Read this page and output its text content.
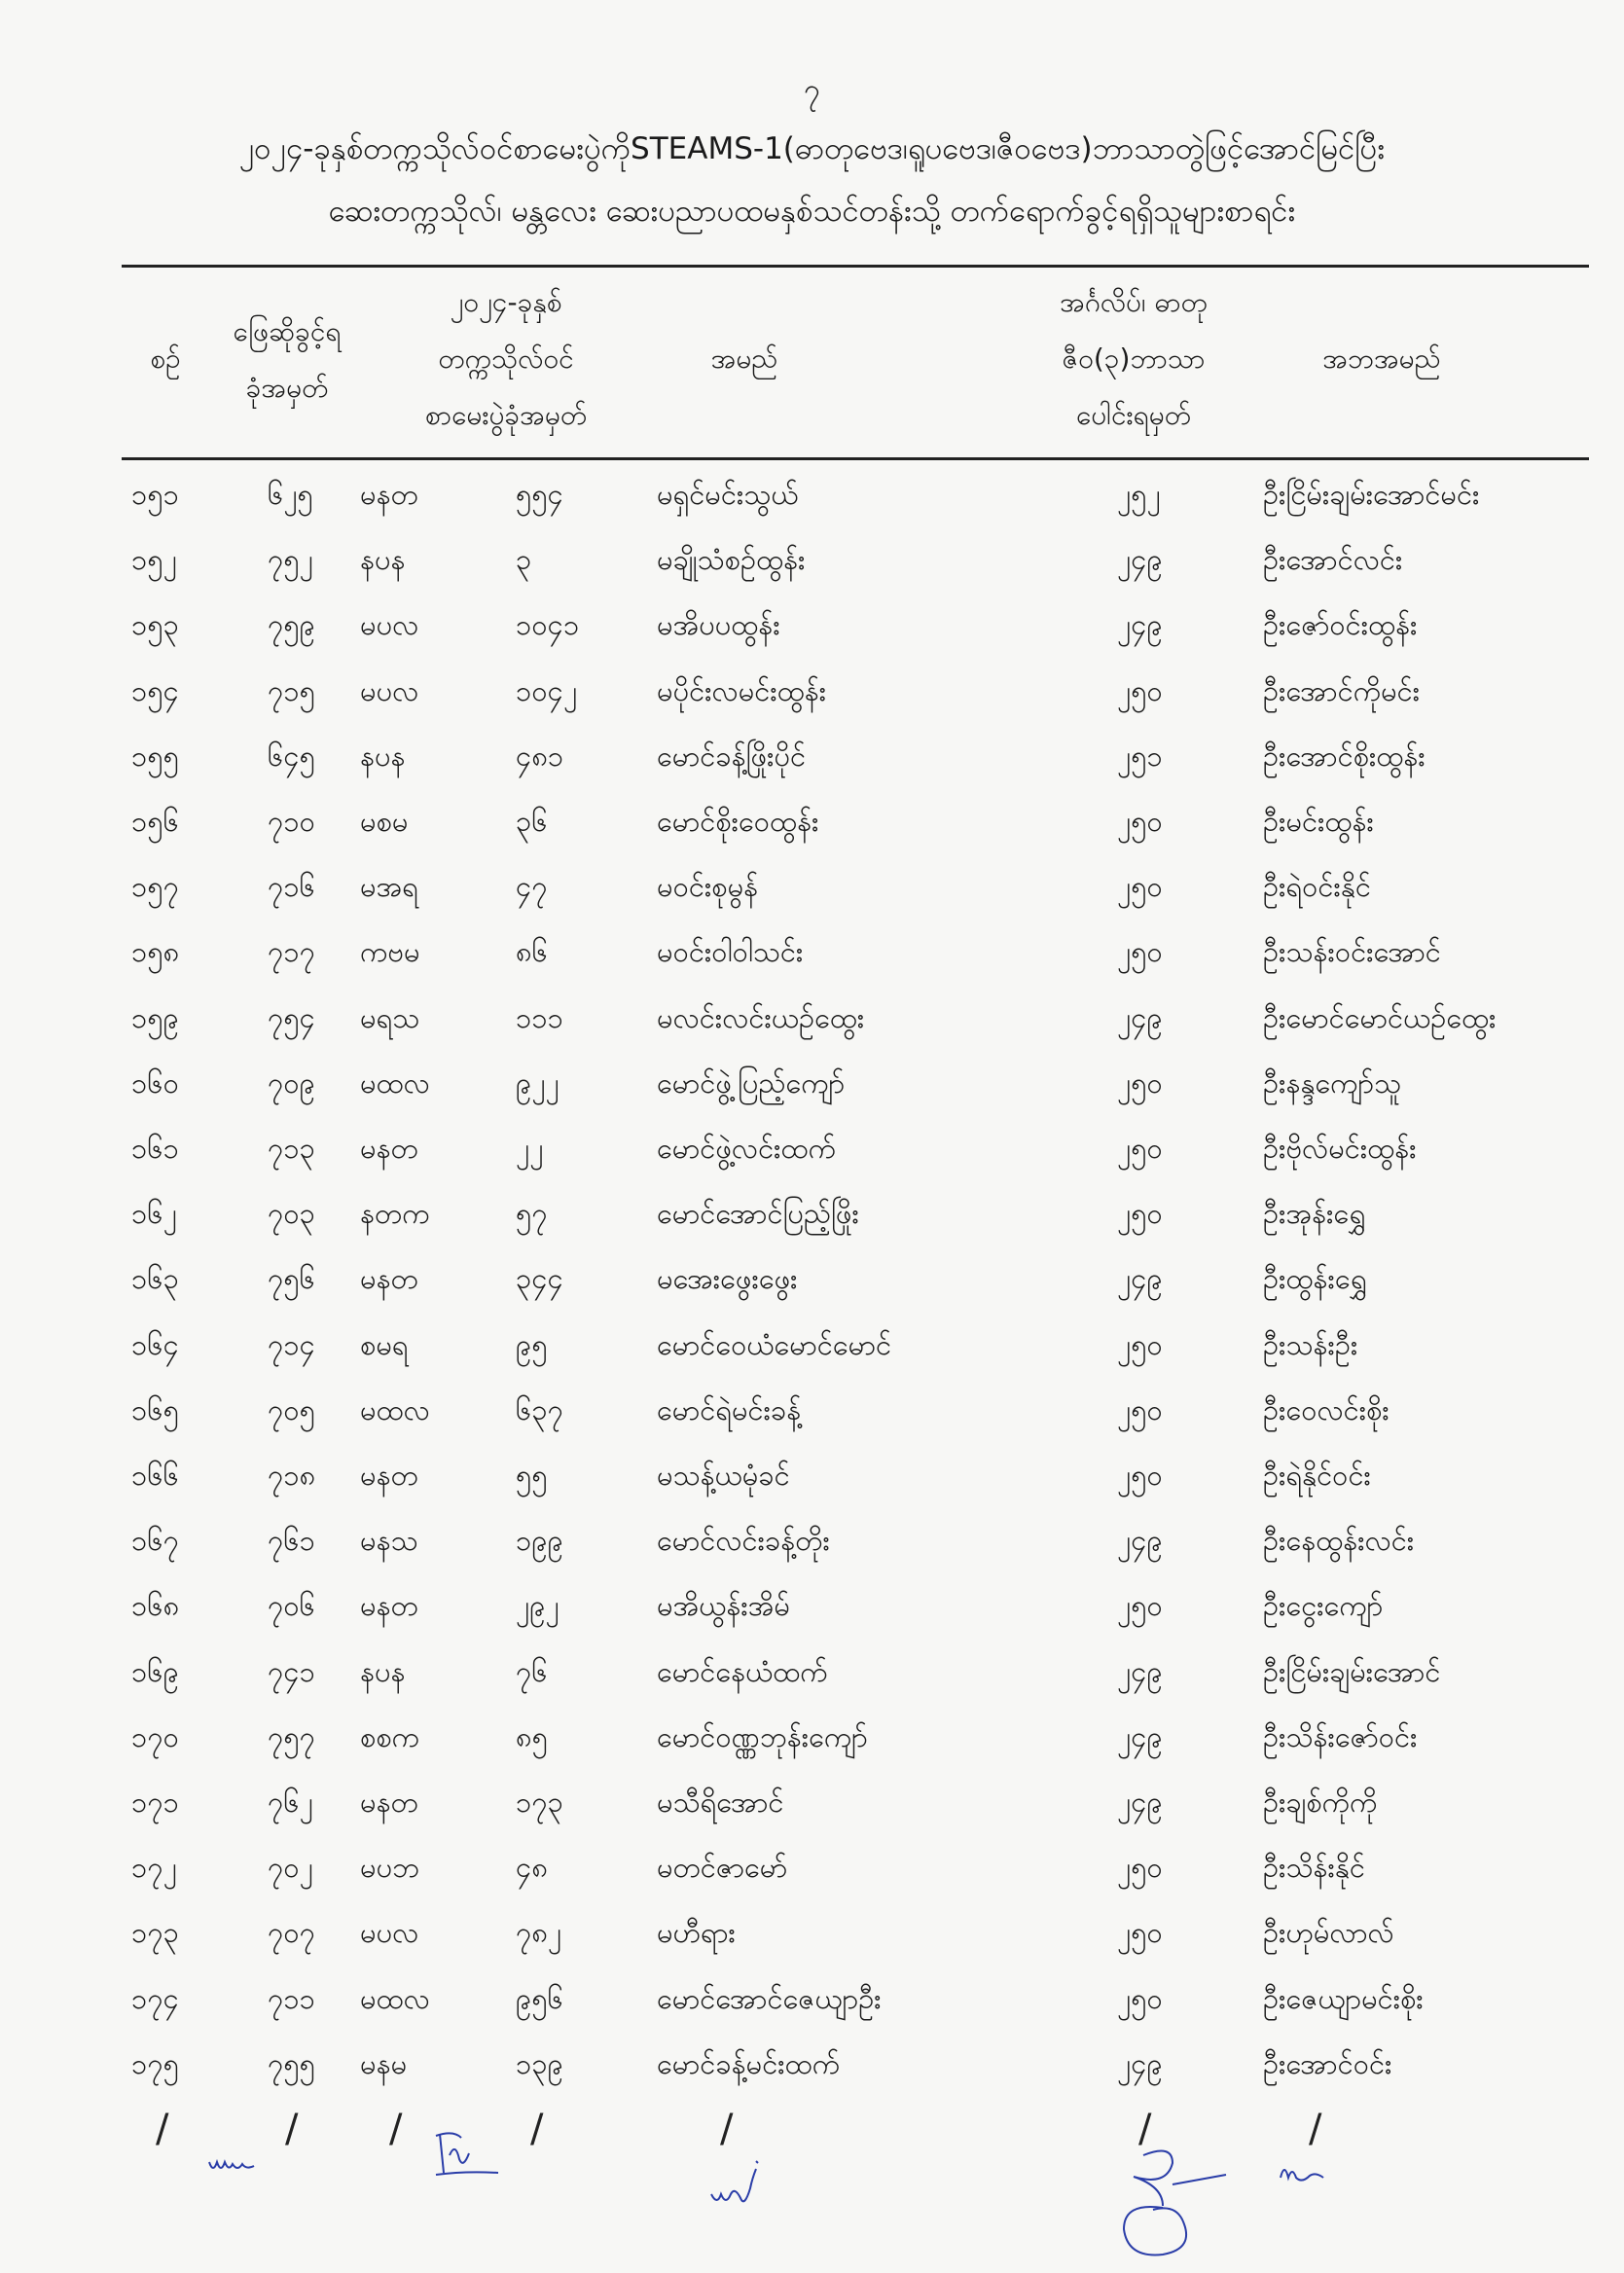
၇
၂၀၂၄-ခုနှစ်တက္ကသိုလ်ဝင်စာမေးပွဲကိုSTEAMS-1(ဓာတုဗေဒ၊ရူပဗေဒ၊ဇီဝဗေဒ)ဘာသာတွဲဖြင့်အောင်မြင်ပြီး
ဆေးတက္ကသိုလ်၊ မန္တလေး ဆေးပညာပထမနှစ်သင်တန်းသို့ တက်ရောက်ခွင့်ရရှိသူများစာရင်း
စဉ်
ဖြေဆိုခွင့်ရ
ခုံအမှတ်
၂၀၂၄-ခုနှစ်
တက္ကသိုလ်ဝင်
စာမေးပွဲခုံအမှတ်
အမည်
အင်္ဂလိပ်၊ ဓာတု
ဇီဝ(၃)ဘာသာ
ပေါင်းရမှတ်
အဘအမည်
၁၅၁	၆၂၅ မနတ	၅၅၄	မရှင်မင်းသွယ်	၂၅၂	ဦးငြိမ်းချမ်းအောင်မင်း
၁၅၂	၇၅၂ နပန	၃	မချိုသံစဉ်ထွန်း	၂၄၉	ဦးအောင်လင်း
၁၅၃	၇၅၉ မပလ	၁၀၄၁	မအိပပထွန်း	၂၄၉	ဦးဇော်ဝင်းထွန်း
၁၅၄	၇၁၅ မပလ	၁၀၄၂	မပိုင်းလမင်းထွန်း	၂၅၀	ဦးအောင်ကိုမင်း
၁၅၅	၆၄၅ နပန	၄၈၁	မောင်ခန့်ဖြိုးပိုင်	၂၅၁	ဦးအောင်စိုးထွန်း
၁၅၆	၇၁၀ မစမ	၃၆	မောင်စိုးဝေထွန်း	၂၅၀	ဦးမင်းထွန်း
၁၅၇	၇၁၆ မအရ	၄၇	မဝင်းစုမွန်	၂၅၀	ဦးရဲဝင်းနိုင်
၁၅၈	၇၁၇ ကဗမ	၈၆	မဝင်းဝါဝါသင်း	၂၅၀	ဦးသန်းဝင်းအောင်
၁၅၉	၇၅၄ မရသ	၁၁၁	မလင်းလင်းယဉ်ထွေး	၂၄၉	ဦးမောင်မောင်ယဉ်ထွေး
၁၆၀	၇၀၉ မထလ	၉၂၂	မောင်ဖွဲ့ပြည့်ကျော်	၂၅၀	ဦးနန္ဒကျော်သူ
၁၆၁	၇၁၃ မနတ	၂၂	မောင်ဖွဲ့လင်းထက်	၂၅၀	ဦးဗိုလ်မင်းထွန်း
၁၆၂	၇၀၃ နတက	၅၇	မောင်အောင်ပြည့်ဖြိုး	၂၅၀	ဦးအုန်းရွှေ
၁၆၃	၇၅၆ မနတ	၃၄၄	မအေးဖွေးဖွေး	၂၄၉	ဦးထွန်းရွှေ
၁၆၄	၇၁၄ စမရ	၉၅	မောင်ဝေယံမောင်မောင်	၂၅၀	ဦးသန်းဦး
၁၆၅	၇၀၅ မထလ	၆၃၇	မောင်ရဲမင်းခန့်	၂၅၀	ဦးဝေလင်းစိုး
၁၆၆	၇၁၈ မနတ	၅၅	မသန့်ယမုံခင်	၂၅၀	ဦးရဲနိုင်ဝင်း
၁၆၇	၇၆၁ မနသ	၁၉၉	မောင်လင်းခန့်တိုး	၂၄၉	ဦးနေထွန်းလင်း
၁၆၈	၇၀၆ မနတ	၂၉၂	မအိယွန်းအိမ်	၂၅၀	ဦးငွေးကျော်
၁၆၉	၇၄၁ နပန	၇၆	မောင်နေယံထက်	၂၄၉	ဦးငြိမ်းချမ်းအောင်
၁၇၀	၇၅၇ စစက	၈၅	မောင်ဝဏ္ဏဘုန်းကျော်	၂၄၉	ဦးသိန်းဇော်ဝင်း
၁၇၁	၇၆၂ မနတ	၁၇၃	မသီရိအောင်	၂၄၉	ဦးချစ်ကိုကို
၁၇၂	၇၀၂ မပဘ	၄၈	မတင်ဇာမော်	၂၅၀	ဦးသိန်းနိုင်
၁၇၃	၇၀၇ မပလ	၇၈၂	မဟီရား	၂၅၀	ဦးဟုမ်လာလ်
၁၇၄	၇၁၁ မထလ	၉၅၆	မောင်အောင်ဇေယျာဦး	၂၅၀	ဦးဇေယျာမင်းစိုး
၁၇၅	၇၅၅ မနမ	၁၃၉	မောင်ခန့်မင်းထက်	၂၄၉	ဦးအောင်ဝင်း
/	/ /	/	/	/	/
